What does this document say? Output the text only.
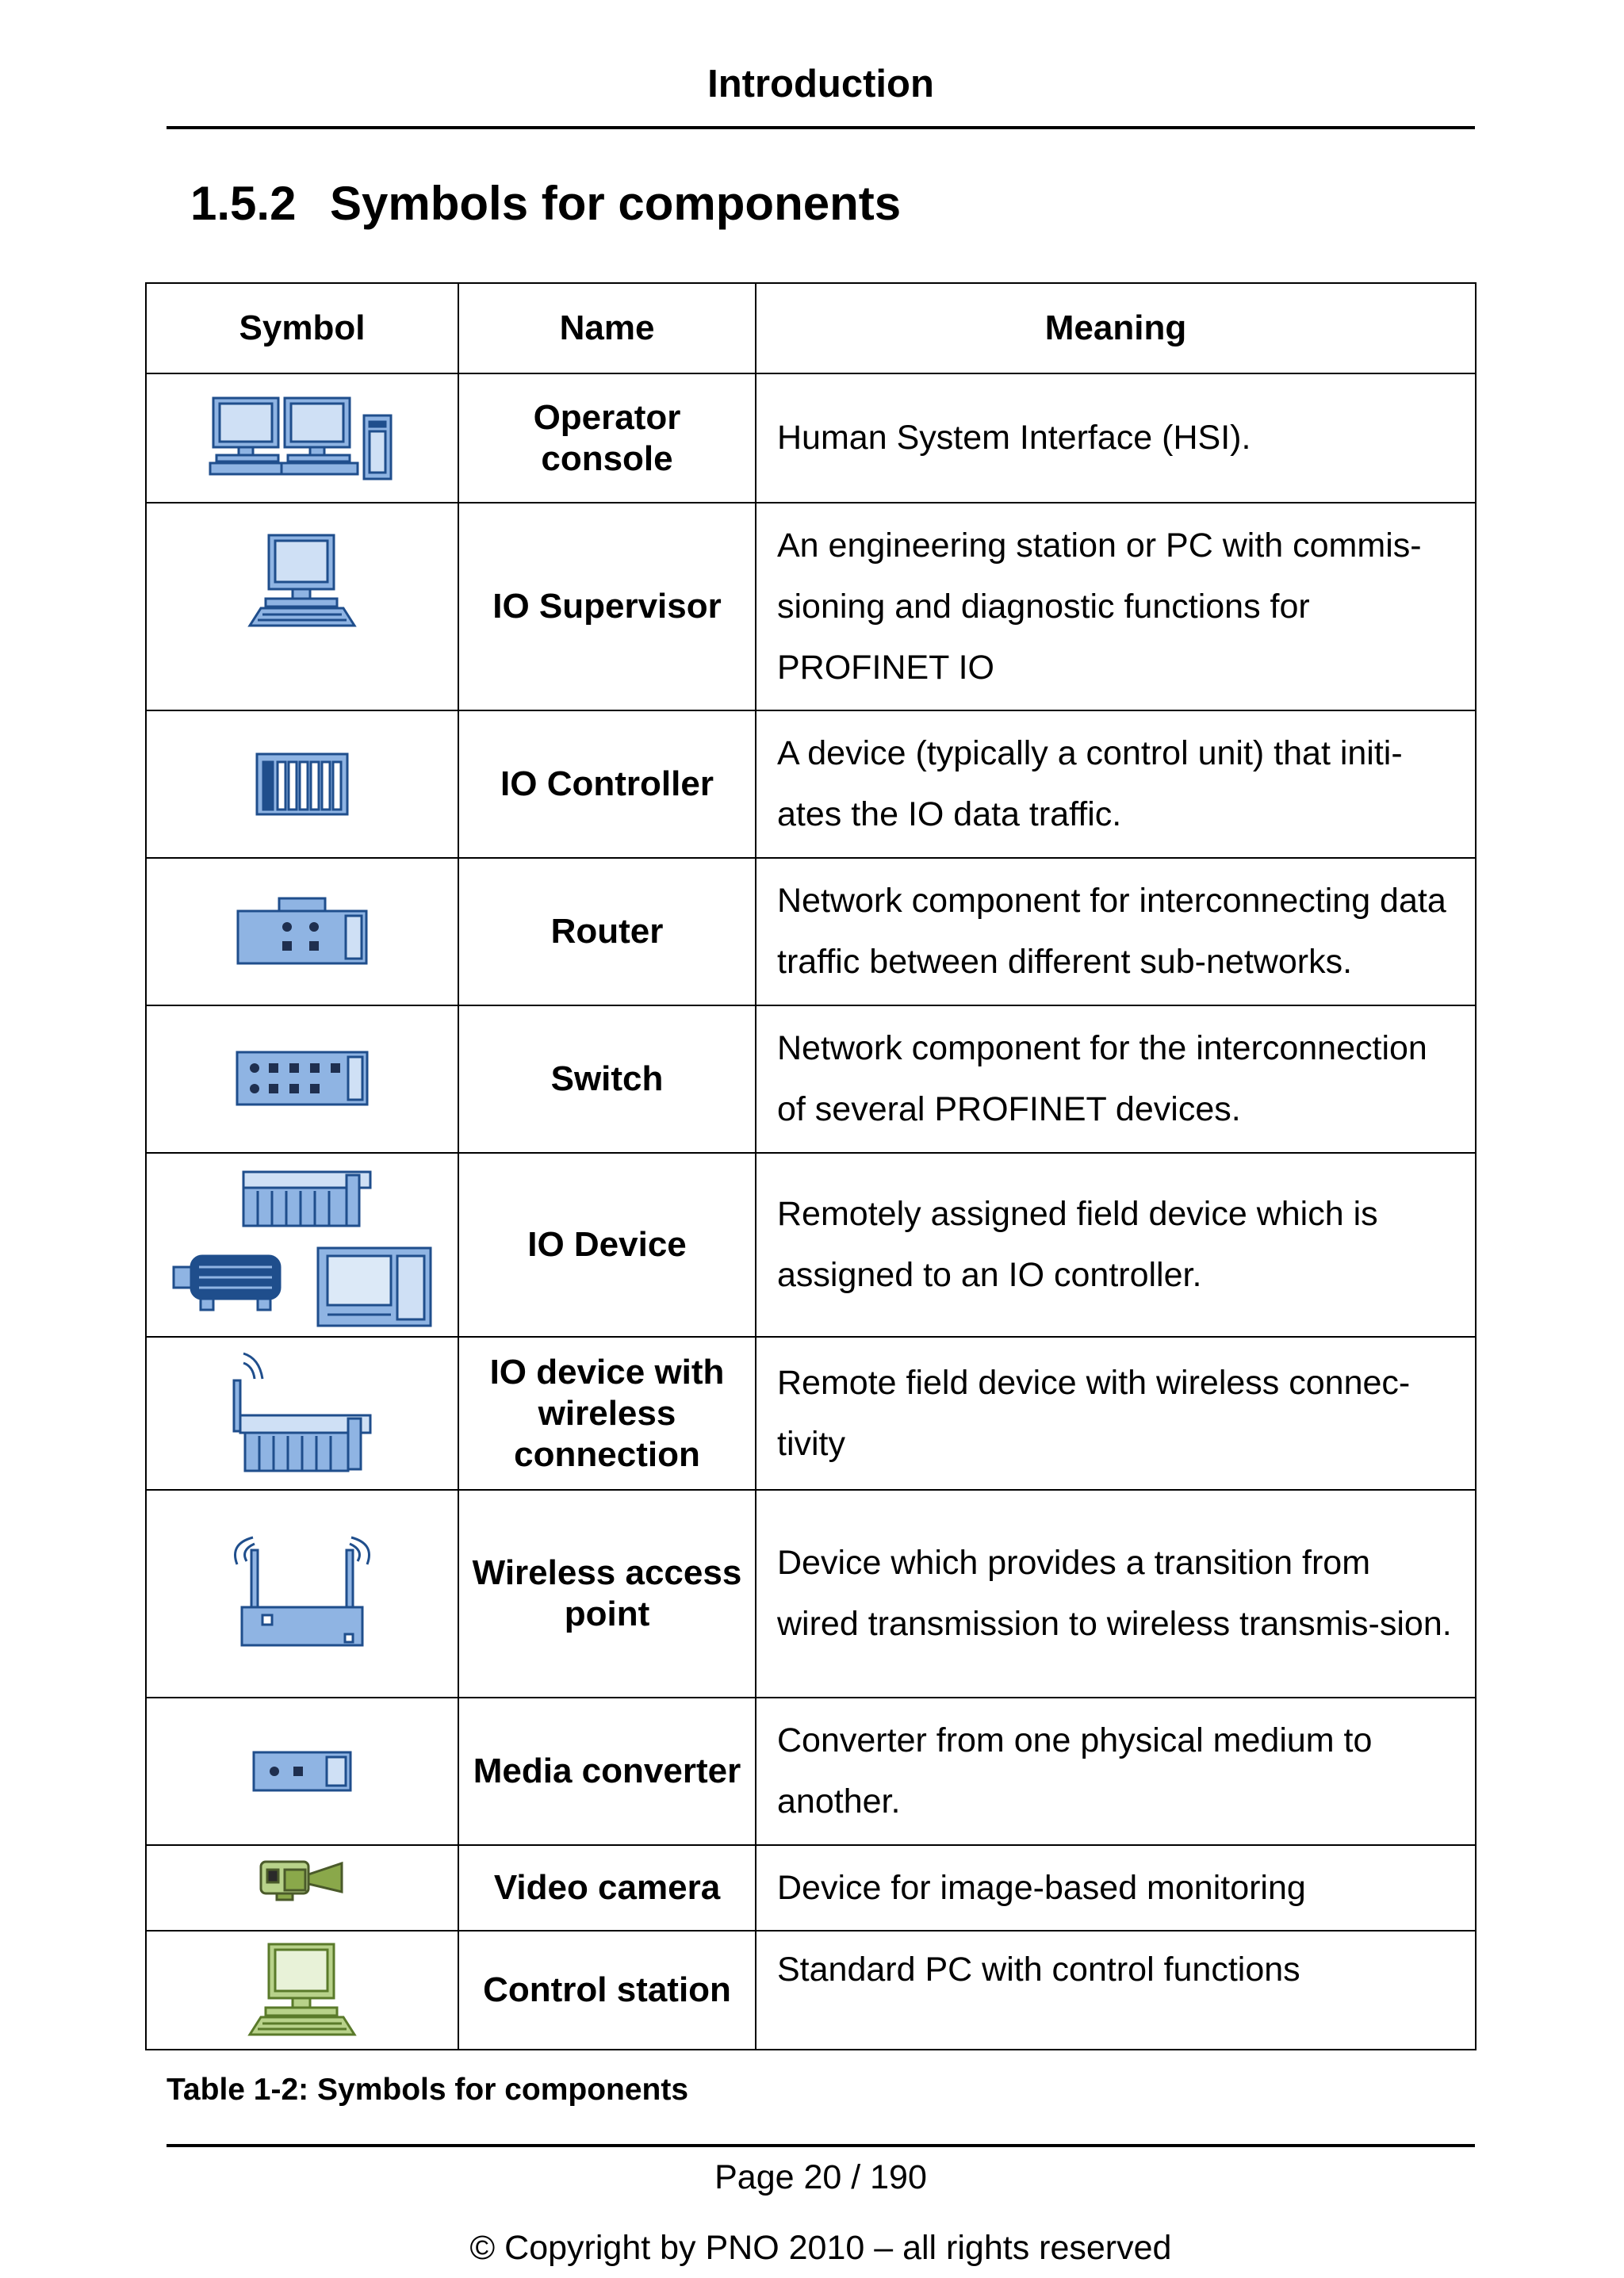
Introduction
1.5.2 Symbols for components
Symbol	Name	Meaning
	Operator console	Human System Interface (HSI).
	IO Supervisor	An engineering station or PC with commis-sioning and diagnostic functions for PROFINET IO
	IO Controller	A device (typically a control unit) that initi-ates the IO data traffic.
	Router	Network component for interconnecting data traffic between different sub-networks.
	Switch	Network component for the interconnection of several PROFINET devices.
	IO Device	Remotely assigned field device which is assigned to an IO controller.
	IO device with wireless connection	Remote field device with wireless connec-tivity
	Wireless access point	Device which provides a transition from wired transmission to wireless transmis-sion.
	Media converter	Converter from one physical medium to another.
	Video camera	Device for image-based monitoring
	Control station	Standard PC with control functions
Table 1-2: Symbols for components
Page 20 / 190
© Copyright by PNO 2010 – all rights reserved
